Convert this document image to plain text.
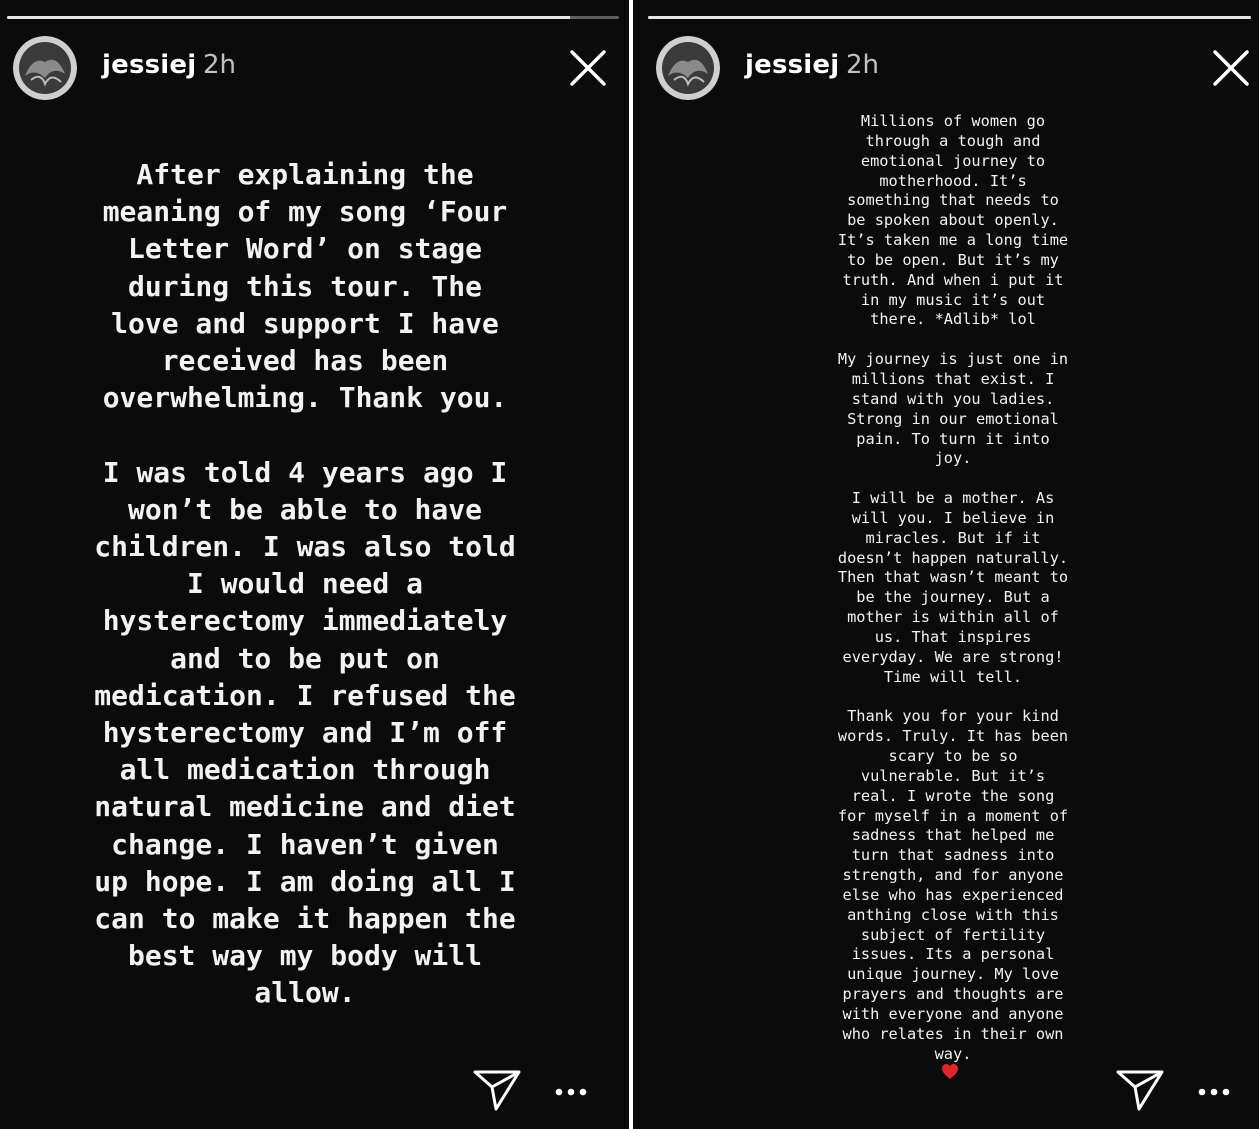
jessiej 2h
After explaining the
meaning of my song ‘Four
Letter Word’ on stage
during this tour. The
love and support I have
received has been
overwhelming. Thank you.

I was told 4 years ago I
won’t be able to have
children. I was also told
I would need a
hysterectomy immediately
and to be put on
medication. I refused the
hysterectomy and I’m off
all medication through
natural medicine and diet
change. I haven’t given
up hope. I am doing all I
can to make it happen the
best way my body will
allow.
jessiej 2h
Millions of women go
through a tough and
emotional journey to
motherhood. It’s
something that needs to
be spoken about openly.
It’s taken me a long time
to be open. But it’s my
truth. And when i put it
in my music it’s out
there. *Adlib* lol

My journey is just one in
millions that exist. I
stand with you ladies.
Strong in our emotional
pain. To turn it into
joy.

I will be a mother. As
will you. I believe in
miracles. But if it
doesn’t happen naturally.
Then that wasn’t meant to
be the journey. But a
mother is within all of
us. That inspires
everyday. We are strong!
Time will tell.

Thank you for your kind
words. Truly. It has been
scary to be so
vulnerable. But it’s
real. I wrote the song
for myself in a moment of
sadness that helped me
turn that sadness into
strength, and for anyone
else who has experienced
anthing close with this
subject of fertility
issues. Its a personal
unique journey. My love
prayers and thoughts are
with everyone and anyone
who relates in their own
way.
